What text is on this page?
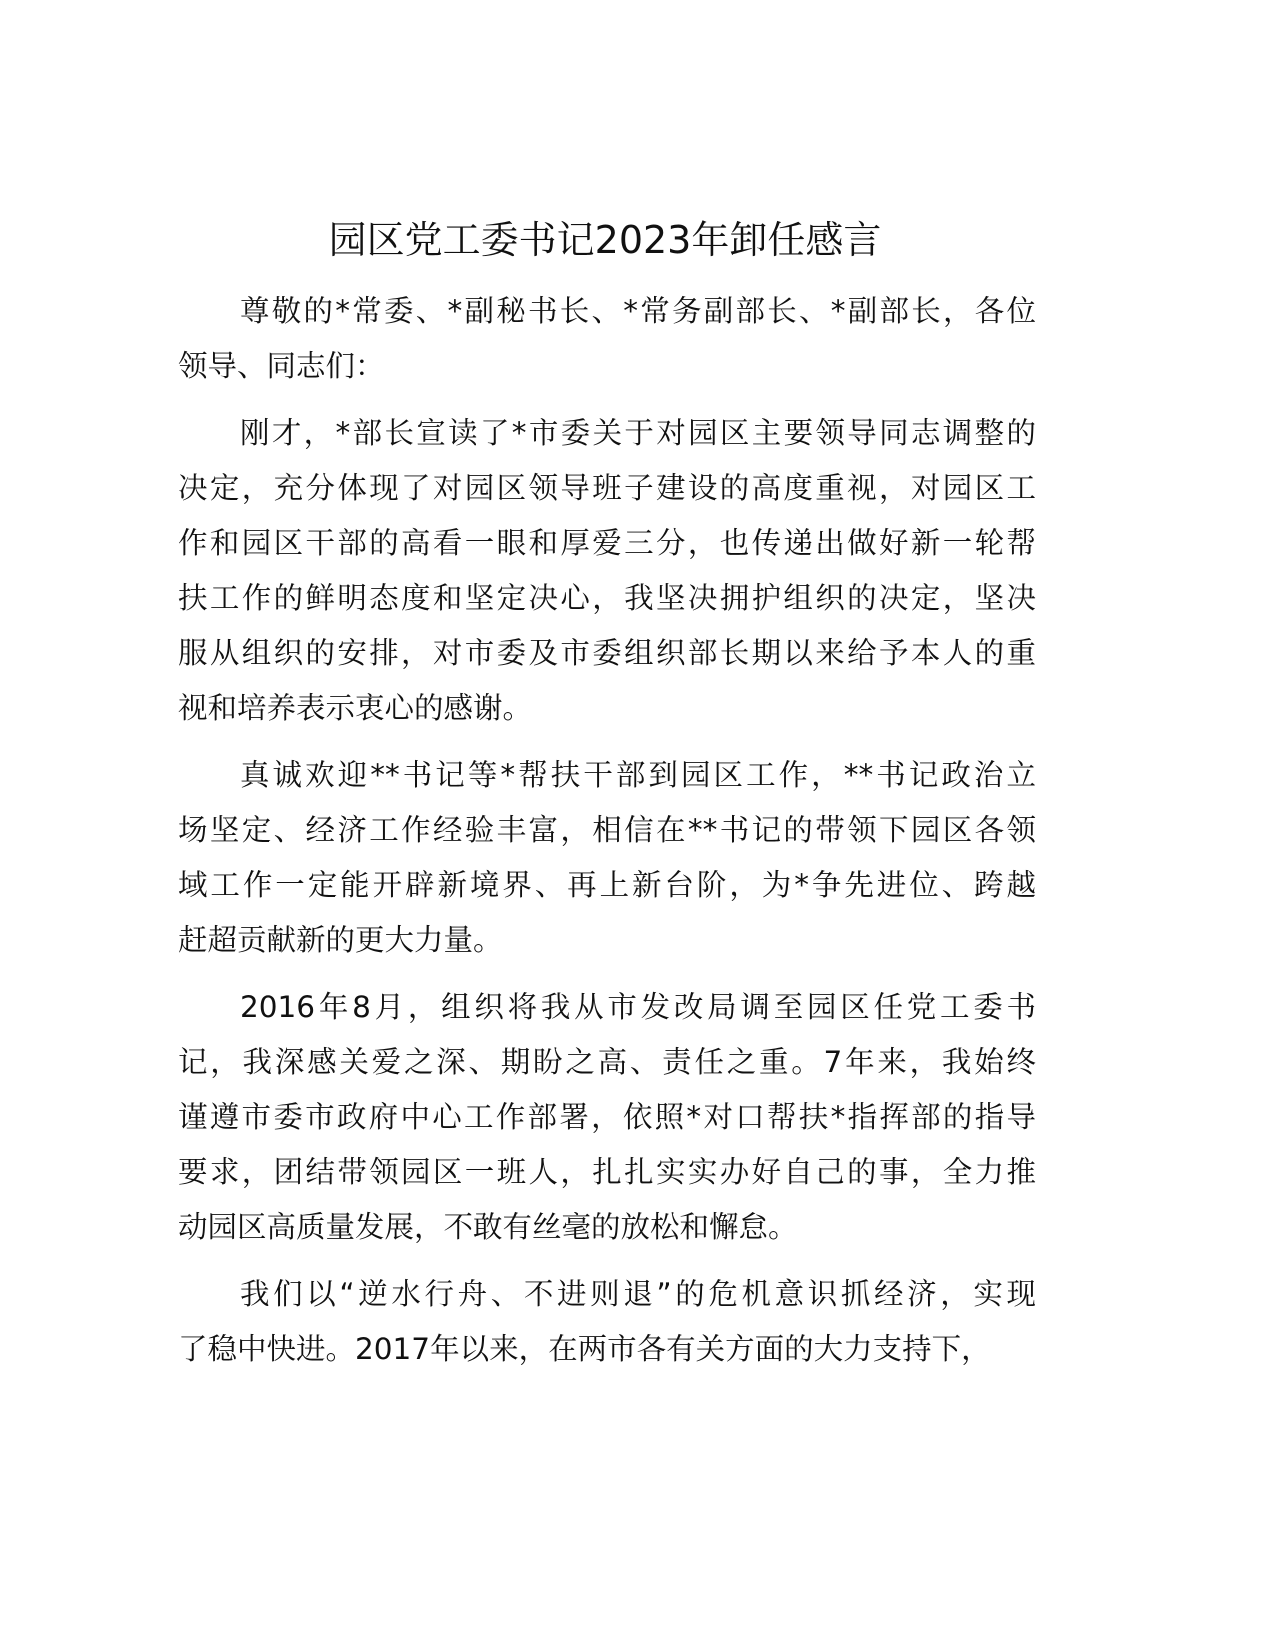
园区党工委书记2023年卸任感言
尊敬的*常委、*副秘书长、*常务副部长、*副部长，各位
领导、同志们：
刚才，*部长宣读了*市委关于对园区主要领导同志调整的
决定，充分体现了对园区领导班子建设的高度重视，对园区工
作和园区干部的高看一眼和厚爱三分，也传递出做好新一轮帮
扶工作的鲜明态度和坚定决心，我坚决拥护组织的决定，坚决
服从组织的安排，对市委及市委组织部长期以来给予本人的重
视和培养表示衷心的感谢。
真诚欢迎**书记等*帮扶干部到园区工作，**书记政治立
场坚定、经济工作经验丰富，相信在**书记的带领下园区各领
域工作一定能开辟新境界、再上新台阶，为*争先进位、跨越
赶超贡献新的更大力量。
2016年8月，组织将我从市发改局调至园区任党工委书
记，我深感关爱之深、期盼之高、责任之重。7年来，我始终
谨遵市委市政府中心工作部署，依照*对口帮扶*指挥部的指导
要求，团结带领园区一班人，扎扎实实办好自己的事，全力推
动园区高质量发展，不敢有丝毫的放松和懈怠。
我们以“逆水行舟、不进则退”的危机意识抓经济，实现
了稳中快进。2017年以来，在两市各有关方面的大力支持下，
